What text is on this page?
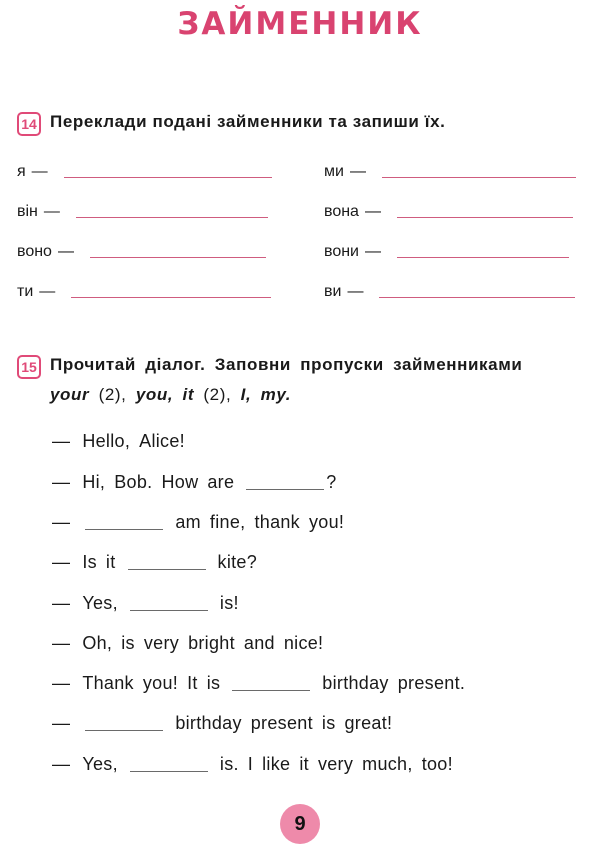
ЗАЙМЕННИК
14 Переклади подані займенники та запиши їх.
я —
він —
воно —
ти —
ми —
вона —
вони —
ви —
15 Прочитай діалог. Заповни пропуски займенниками
your (2), you, it (2), I, my.
— Hello, Alice!
— Hi, Bob. How are	?
—	am fine, thank you!
— Is it	kite?
— Yes,	is!
— Oh, is very bright and nice!
— Thank you! It is	birthday present.
—	birthday present is great!
— Yes,	is. I like it very much, too!
9
